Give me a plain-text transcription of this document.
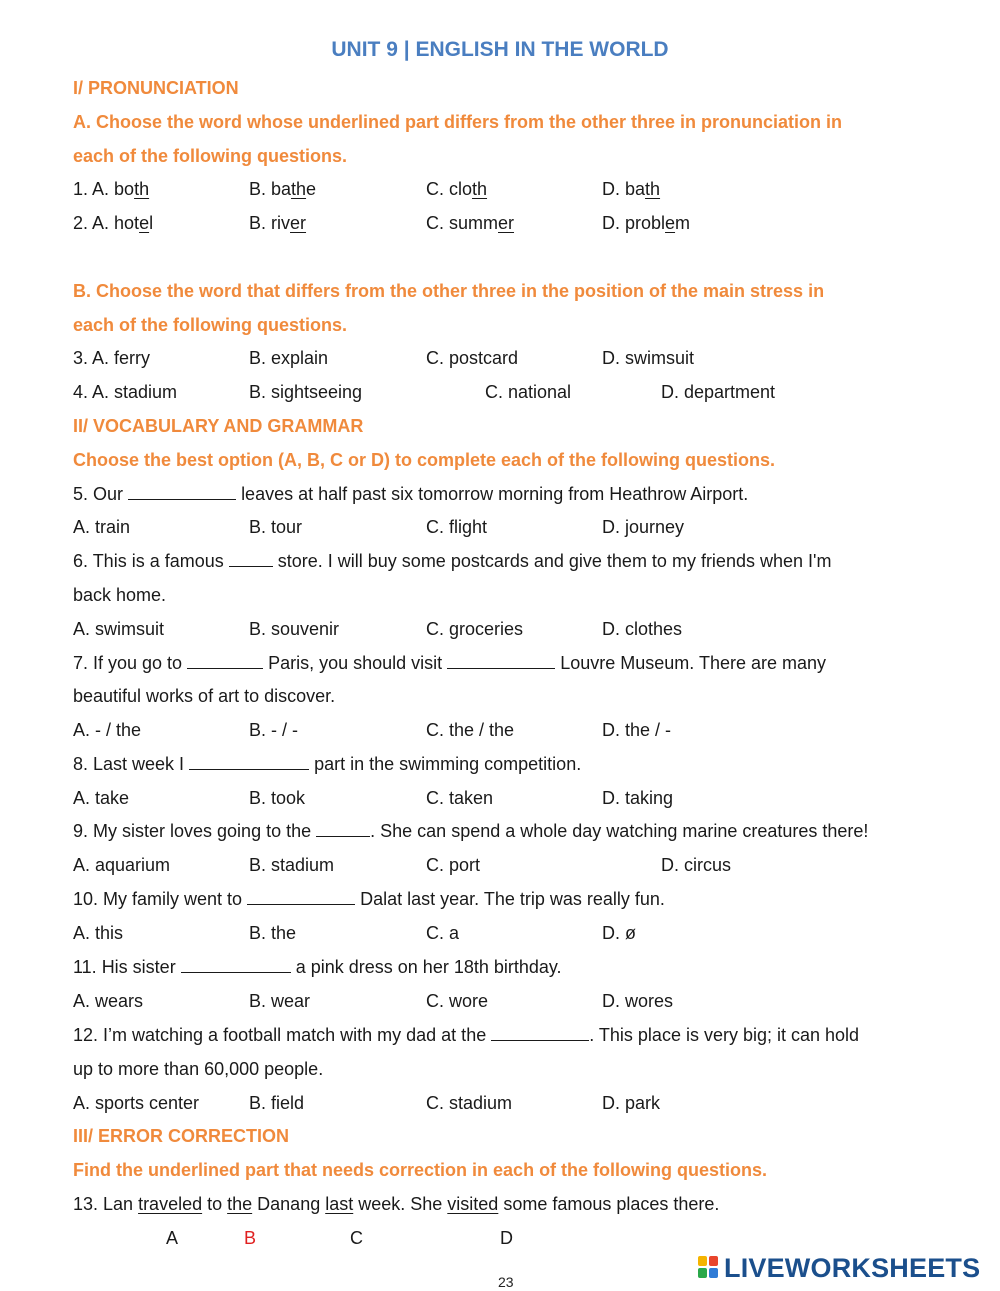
UNIT 9 | ENGLISH IN THE WORLD
I/ PRONUNCIATION
A. Choose the word whose underlined part differs from the other three in pronunciation in
each of the following questions.
1. A. both	B. bathe	C. cloth	D. bath
2. A. hotel	B. river	C. summer	D. problem
B. Choose the word that differs from the other three in the position of the main stress in
each of the following questions.
3. A. ferry	B. explain	C. postcard	D. swimsuit
4. A. stadium	B. sightseeing	C. national	D. department
II/ VOCABULARY AND GRAMMAR
Choose the best option (A, B, C or D) to complete each of the following questions.
5. Our	leaves at half past six tomorrow morning from Heathrow Airport.
A. train	B. tour	C. flight	D. journey
6. This is a famous	store. I will buy some postcards and give them to my friends when I'm
back home.
A. swimsuit	B. souvenir	C. groceries	D. clothes
7. If you go to	Paris, you should visit	Louvre Museum. There are many
beautiful works of art to discover.
A. - / the	B. - / -	C. the / the	D. the / -
8. Last week I	part in the swimming competition.
A. take	B. took	C. taken	D. taking
9. My sister loves going to the	. She can spend a whole day watching marine creatures there!
A. aquarium	B. stadium	C. port	D. circus
10. My family went to	Dalat last year. The trip was really fun.
A. this	B. the	C. a	D. ø
11. His sister	a pink dress on her 18th birthday.
A. wears	B. wear	C. wore	D. wores
12. I’m watching a football match with my dad at the	. This place is very big; it can hold
up to more than 60,000 people.
A. sports center	B. field	C. stadium	D. park
III/ ERROR CORRECTION
Find the underlined part that needs correction in each of the following questions.
13. Lan traveled to the Danang last week. She visited some famous places there.
A	B	C	D
23	LIVEWORKSHEETS
